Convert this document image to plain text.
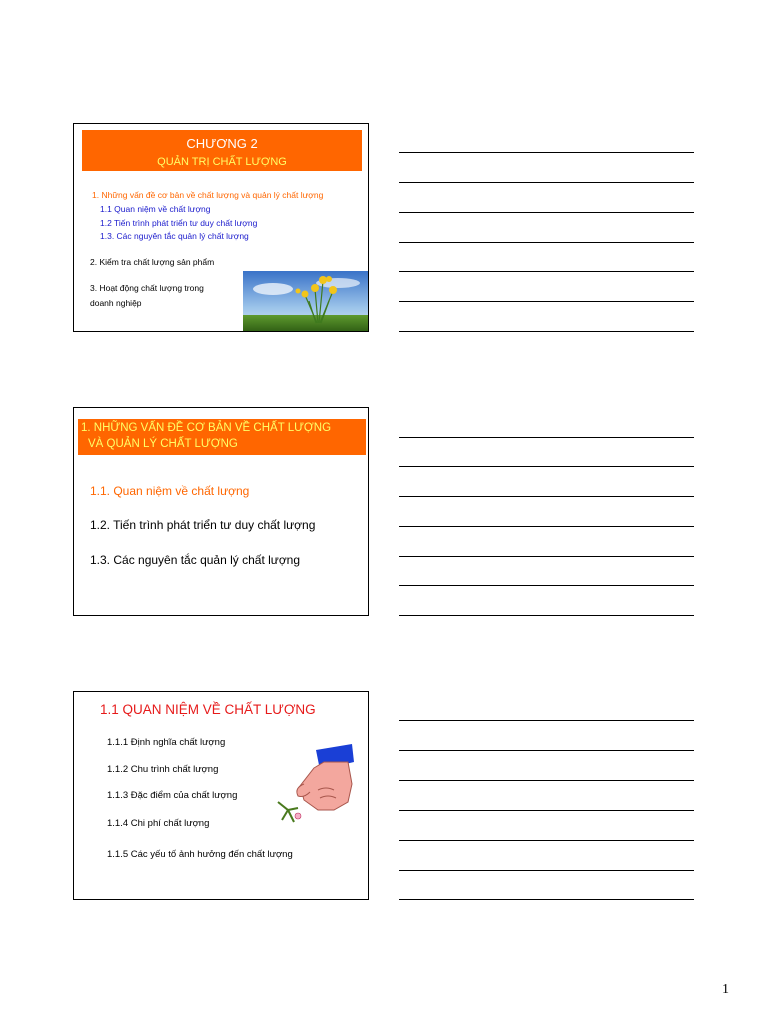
CHƯƠNG 2
QUẢN TRỊ CHẤT LƯỢNG
1. Những vấn đề cơ bản về chất lượng và quản lý chất lượng
1.1 Quan niệm về chất lượng
1.2 Tiến trình phát triển tư duy chất lượng
1.3. Các nguyên tắc quản lý chất lượng
2. Kiểm tra chất lượng sản phẩm
3. Hoạt động chất lượng trong
doanh nghiệp
1. NHỮNG VẤN ĐỀ CƠ BẢN VỀ CHẤT LƯỢNG
VÀ QUẢN LÝ CHẤT LƯỢNG
1.1. Quan niệm về chất lượng
1.2. Tiến trình phát triển tư duy chất lượng
1.3. Các nguyên tắc quản lý chất lượng
1.1 QUAN NIỆM VỀ CHẤT LƯỢNG
1.1.1 Định nghĩa chất lượng
1.1.2 Chu trình chất lượng
1.1.3 Đặc điểm của chất lượng
1.1.4 Chi phí chất lượng
1.1.5 Các yếu tố ảnh hưởng đến chất lượng
1
